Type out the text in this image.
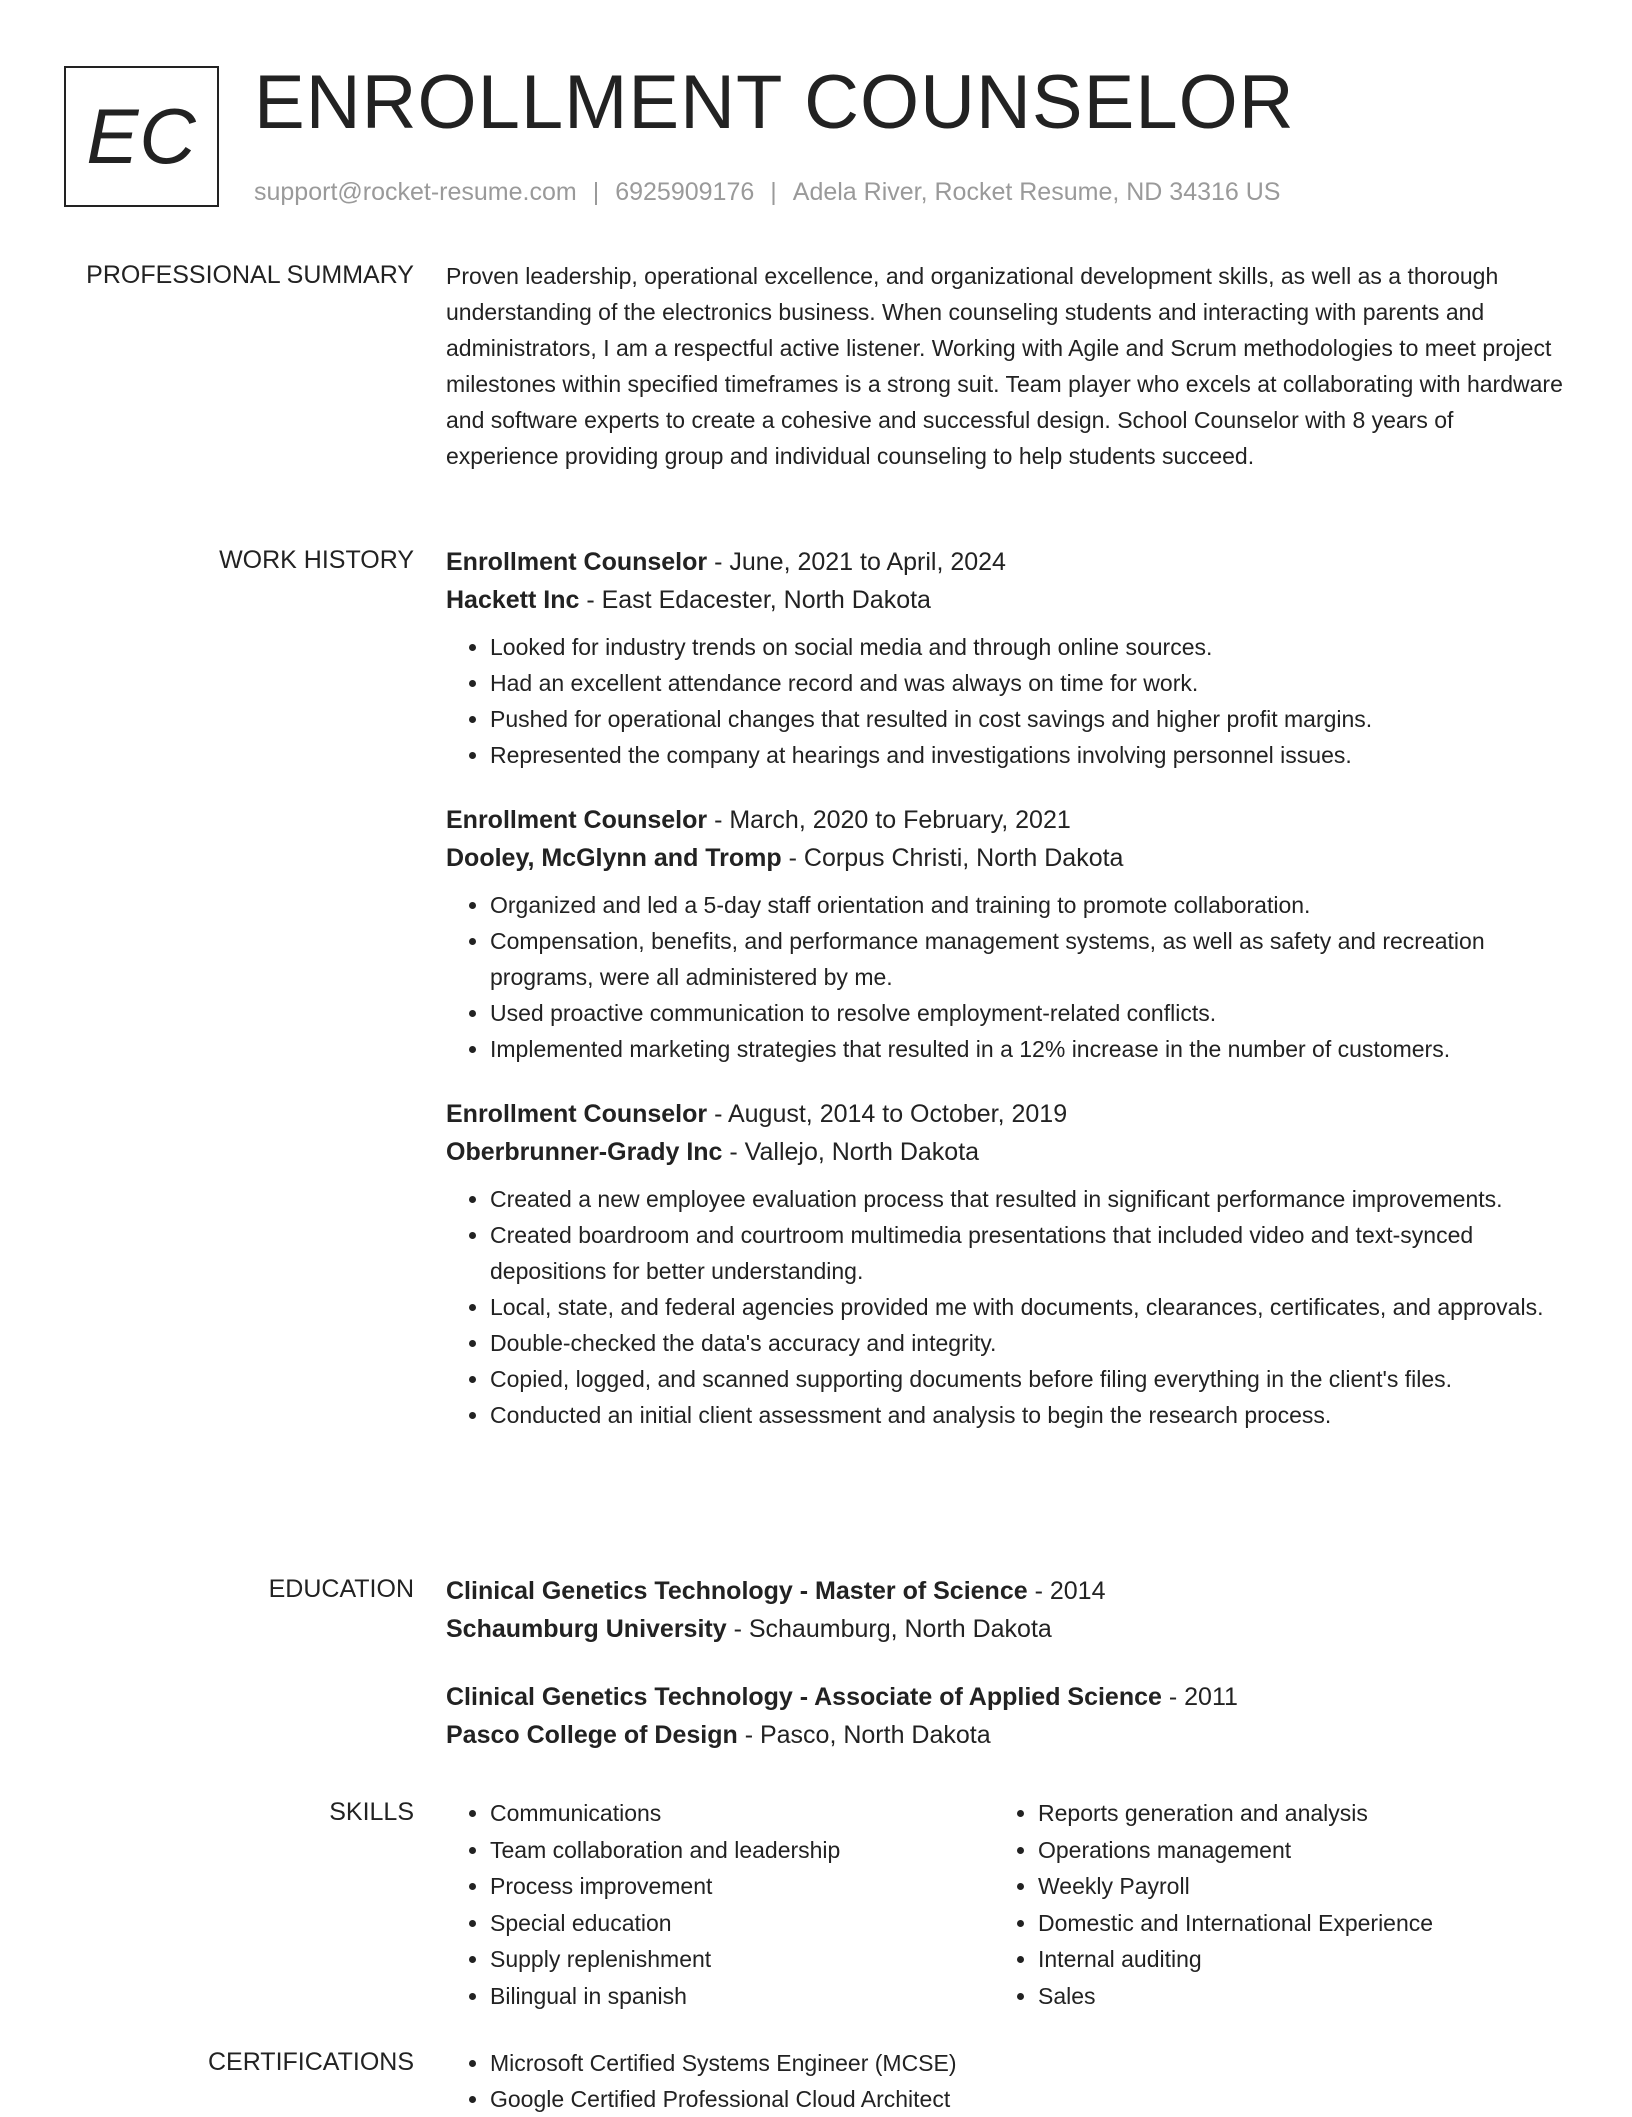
EC ENROLLMENT COUNSELOR
support@rocket-resume.com | 6925909176 | Adela River, Rocket Resume, ND 34316 US
PROFESSIONAL SUMMARY Proven leadership, operational excellence, and organizational development skills, as well as a thorough understanding of the electronics business. When counseling students and interacting with parents and administrators, I am a respectful active listener. Working with Agile and Scrum methodologies to meet project milestones within specified timeframes is a strong suit. Team player who excels at collaborating with hardware and software experts to create a cohesive and successful design. School Counselor with 8 years of experience providing group and individual counseling to help students succeed.

WORK HISTORY Enrollment Counselor - June, 2021 to April, 2024
Hackett Inc - East Edacester, North Dakota
• Looked for industry trends on social media and through online sources.
• Had an excellent attendance record and was always on time for work.
• Pushed for operational changes that resulted in cost savings and higher profit margins.
• Represented the company at hearings and investigations involving personnel issues.
Enrollment Counselor - March, 2020 to February, 2021
Dooley, McGlynn and Tromp - Corpus Christi, North Dakota
• Organized and led a 5-day staff orientation and training to promote collaboration.
• Compensation, benefits, and performance management systems, as well as safety and recreation programs, were all administered by me.
• Used proactive communication to resolve employment-related conflicts.
• Implemented marketing strategies that resulted in a 12% increase in the number of customers.
Enrollment Counselor - August, 2014 to October, 2019
Oberbrunner-Grady Inc - Vallejo, North Dakota
• Created a new employee evaluation process that resulted in significant performance improvements.
• Created boardroom and courtroom multimedia presentations that included video and text-synced depositions for better understanding.
• Local, state, and federal agencies provided me with documents, clearances, certificates, and approvals.
• Double-checked the data's accuracy and integrity.
• Copied, logged, and scanned supporting documents before filing everything in the client's files.
• Conducted an initial client assessment and analysis to begin the research process.
EDUCATION Clinical Genetics Technology - Master of Science - 2014
Schaumburg University - Schaumburg, North Dakota
Clinical Genetics Technology - Associate of Applied Science - 2011
Pasco College of Design - Pasco, North Dakota
SKILLS	• Communications
• Team collaboration and leadership
• Process improvement
• Special education
• Supply replenishment
• Bilingual in spanish
• Reports generation and analysis
• Operations management
• Weekly Payroll
• Domestic and International Experience
• Internal auditing
• Sales
CERTIFICATIONS	• Microsoft Certified Systems Engineer (MCSE)
• Google Certified Professional Cloud Architect
